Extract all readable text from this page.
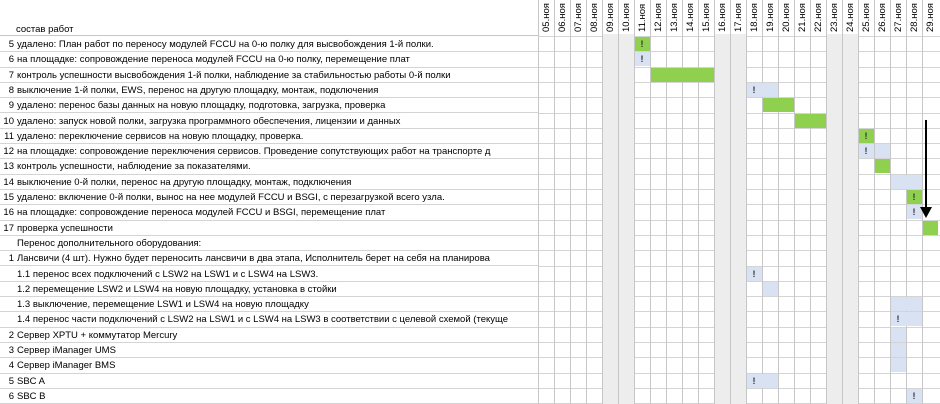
состав работ
5 удалено: План работ по переносу модулей FCCU на 0-ю полку для высвобождения 1-й полки.
6 на площадке: сопровождение переноса модулей FCCU на 0-ю полку, перемещение плат
7 контроль успешности высвобождения 1-й полки, наблюдение за стабильностью работы 0-й полки
8 выключение 1-й полки, EWS, перенос на другую площадку, монтаж, подключения
9 удалено: перенос базы данных на новую площадку, подготовка, загрузка, проверка
10 удалено: запуск новой полки, загрузка программного обеспечения, лицензии и данных
11 удалено: переключение сервисов на новую площадку, проверка.
12 на площадке: сопровождение переключения сервисов. Проведение сопутствующих работ на транспорте д
13 контроль успешности, наблюдение за показателями.
14 выключение 0-й полки, перенос на другую площадку, монтаж, подключения
15 удалено: включение 0-й полки, вынос на нее модулей FCCU и BSGI, с перезагрузкой всего узла.
16 на площадке: сопровождение переноса модулей FCCU и BSGI, перемещение плат
17 проверка успешности
Перенос дополнительного оборудования:
1 Лансвичи (4 шт). Нужно будет переносить лансвичи в два этапа, Исполнитель берет на себя на планирова
1.1 перенос всех подключений с LSW2 на LSW1 и с LSW4 на LSW3.
1.2 перемещение LSW2 и LSW4 на новую площадку, установка в стойки
1.3 выключение, перемещение LSW1 и LSW4 на новую площадку
1.4 перенос части подключений с LSW2 на LSW1 и с LSW4 на LSW3 в соответствии с целевой схемой (текуще
2 Сервер XPTU + коммутатор Mercury
3 Сервер iManager UMS
4 Сервер iManager BMS
5 SBC A
6 SBC B
05.ноя 06.ноя 07.ноя 08.ноя 09.ноя 10.ноя 11.ноя 12.ноя 13.ноя 14.ноя 15.ноя 16.ноя 17.ноя 18.ноя 19.ноя 20.ноя 21.ноя 22.ноя 23.ноя 24.ноя 25.ноя 26.ноя 27.ноя 28.ноя 29.ноя
!
!
!
!
!
!
!
!
!
!
!
